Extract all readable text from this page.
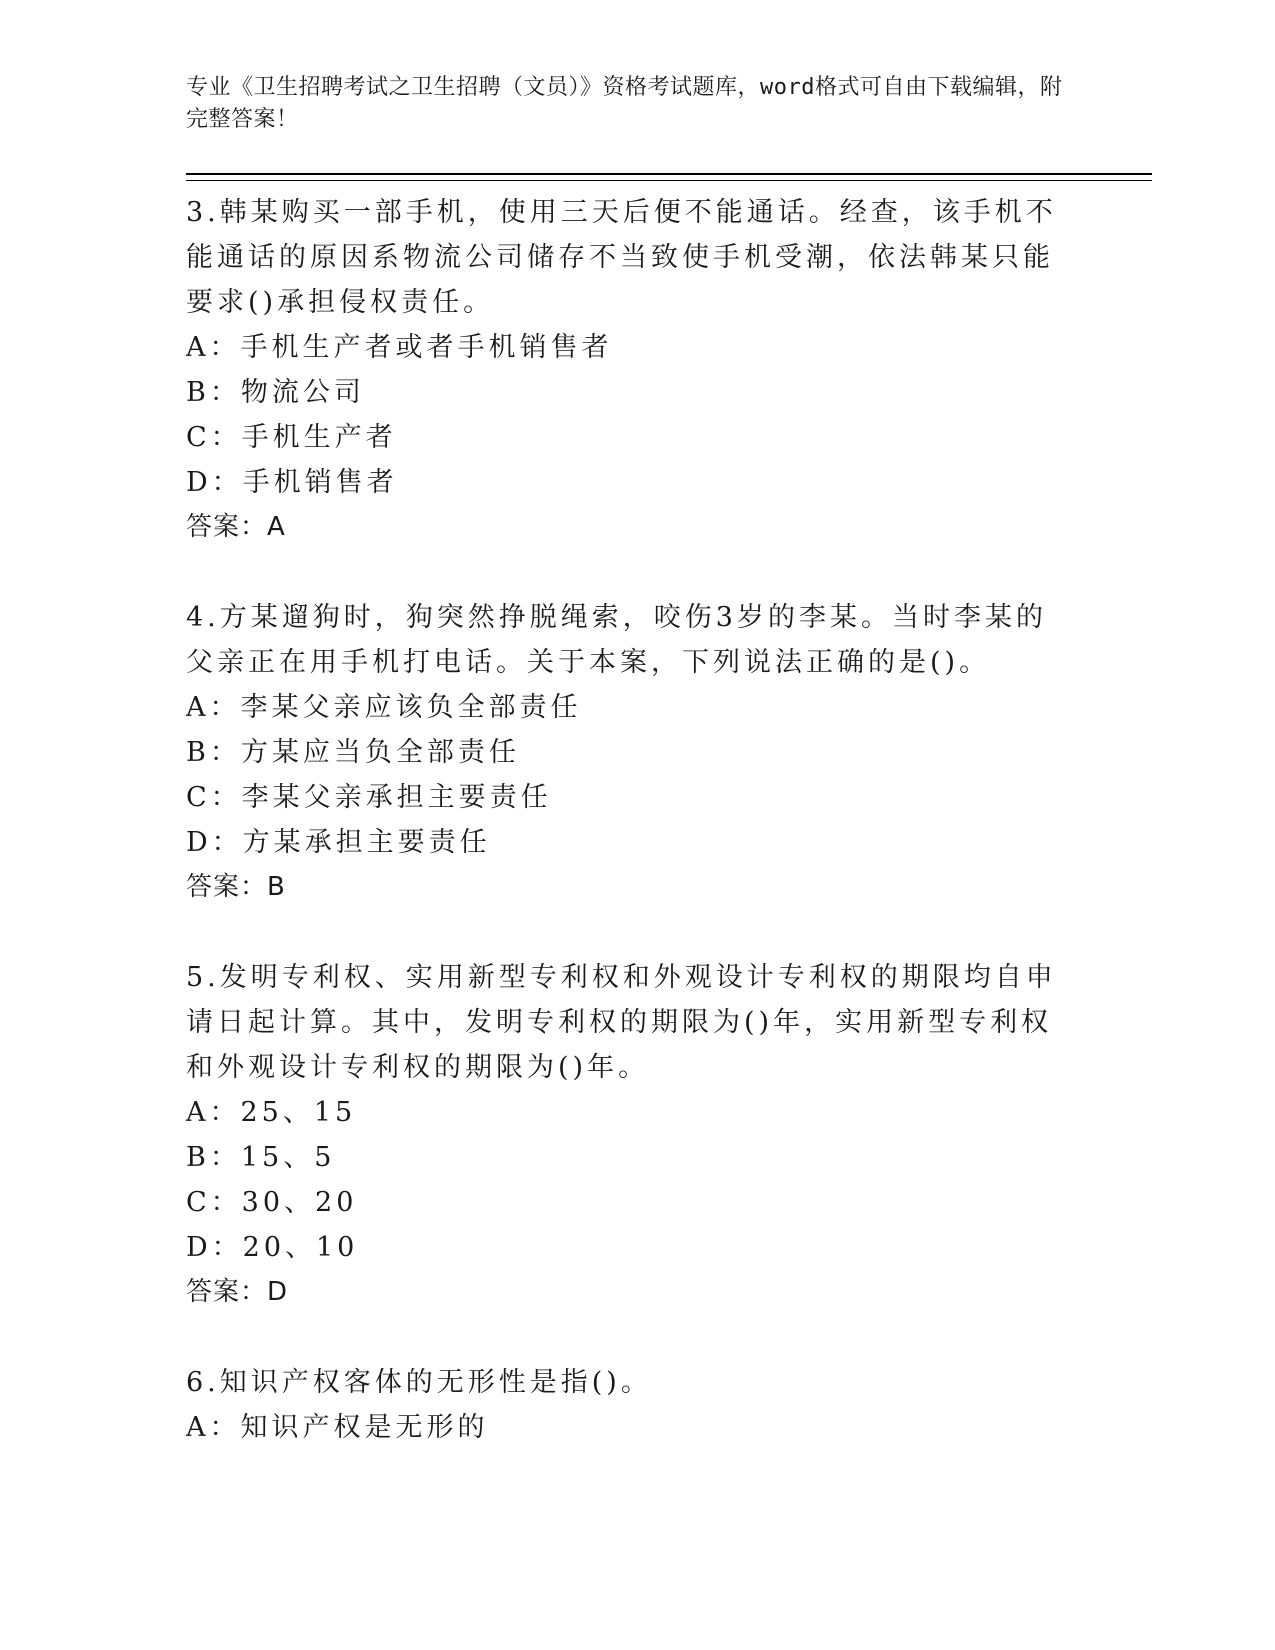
专业《卫生招聘考试之卫生招聘（文员）》资格考试题库，word格式可自由下载编辑，附完整答案！

3.韩某购买一部手机，使用三天后便不能通话。经查，该手机不能通话的原因系物流公司储存不当致使手机受潮，依法韩某只能要求()承担侵权责任。

A：手机生产者或者手机销售者

B：物流公司

C：手机生产者

D：手机销售者

答案：A

4.方某遛狗时，狗突然挣脱绳索，咬伤3岁的李某。当时李某的父亲正在用手机打电话。关于本案，下列说法正确的是()。

A：李某父亲应该负全部责任

B：方某应当负全部责任

C：李某父亲承担主要责任

D：方某承担主要责任

答案：B

5.发明专利权、实用新型专利权和外观设计专利权的期限均自申请日起计算。其中，发明专利权的期限为()年，实用新型专利权和外观设计专利权的期限为()年。

A：25、15

B：15、5

C：30、20

D：20、10

答案：D

6.知识产权客体的无形性是指()。

A：知识产权是无形的
